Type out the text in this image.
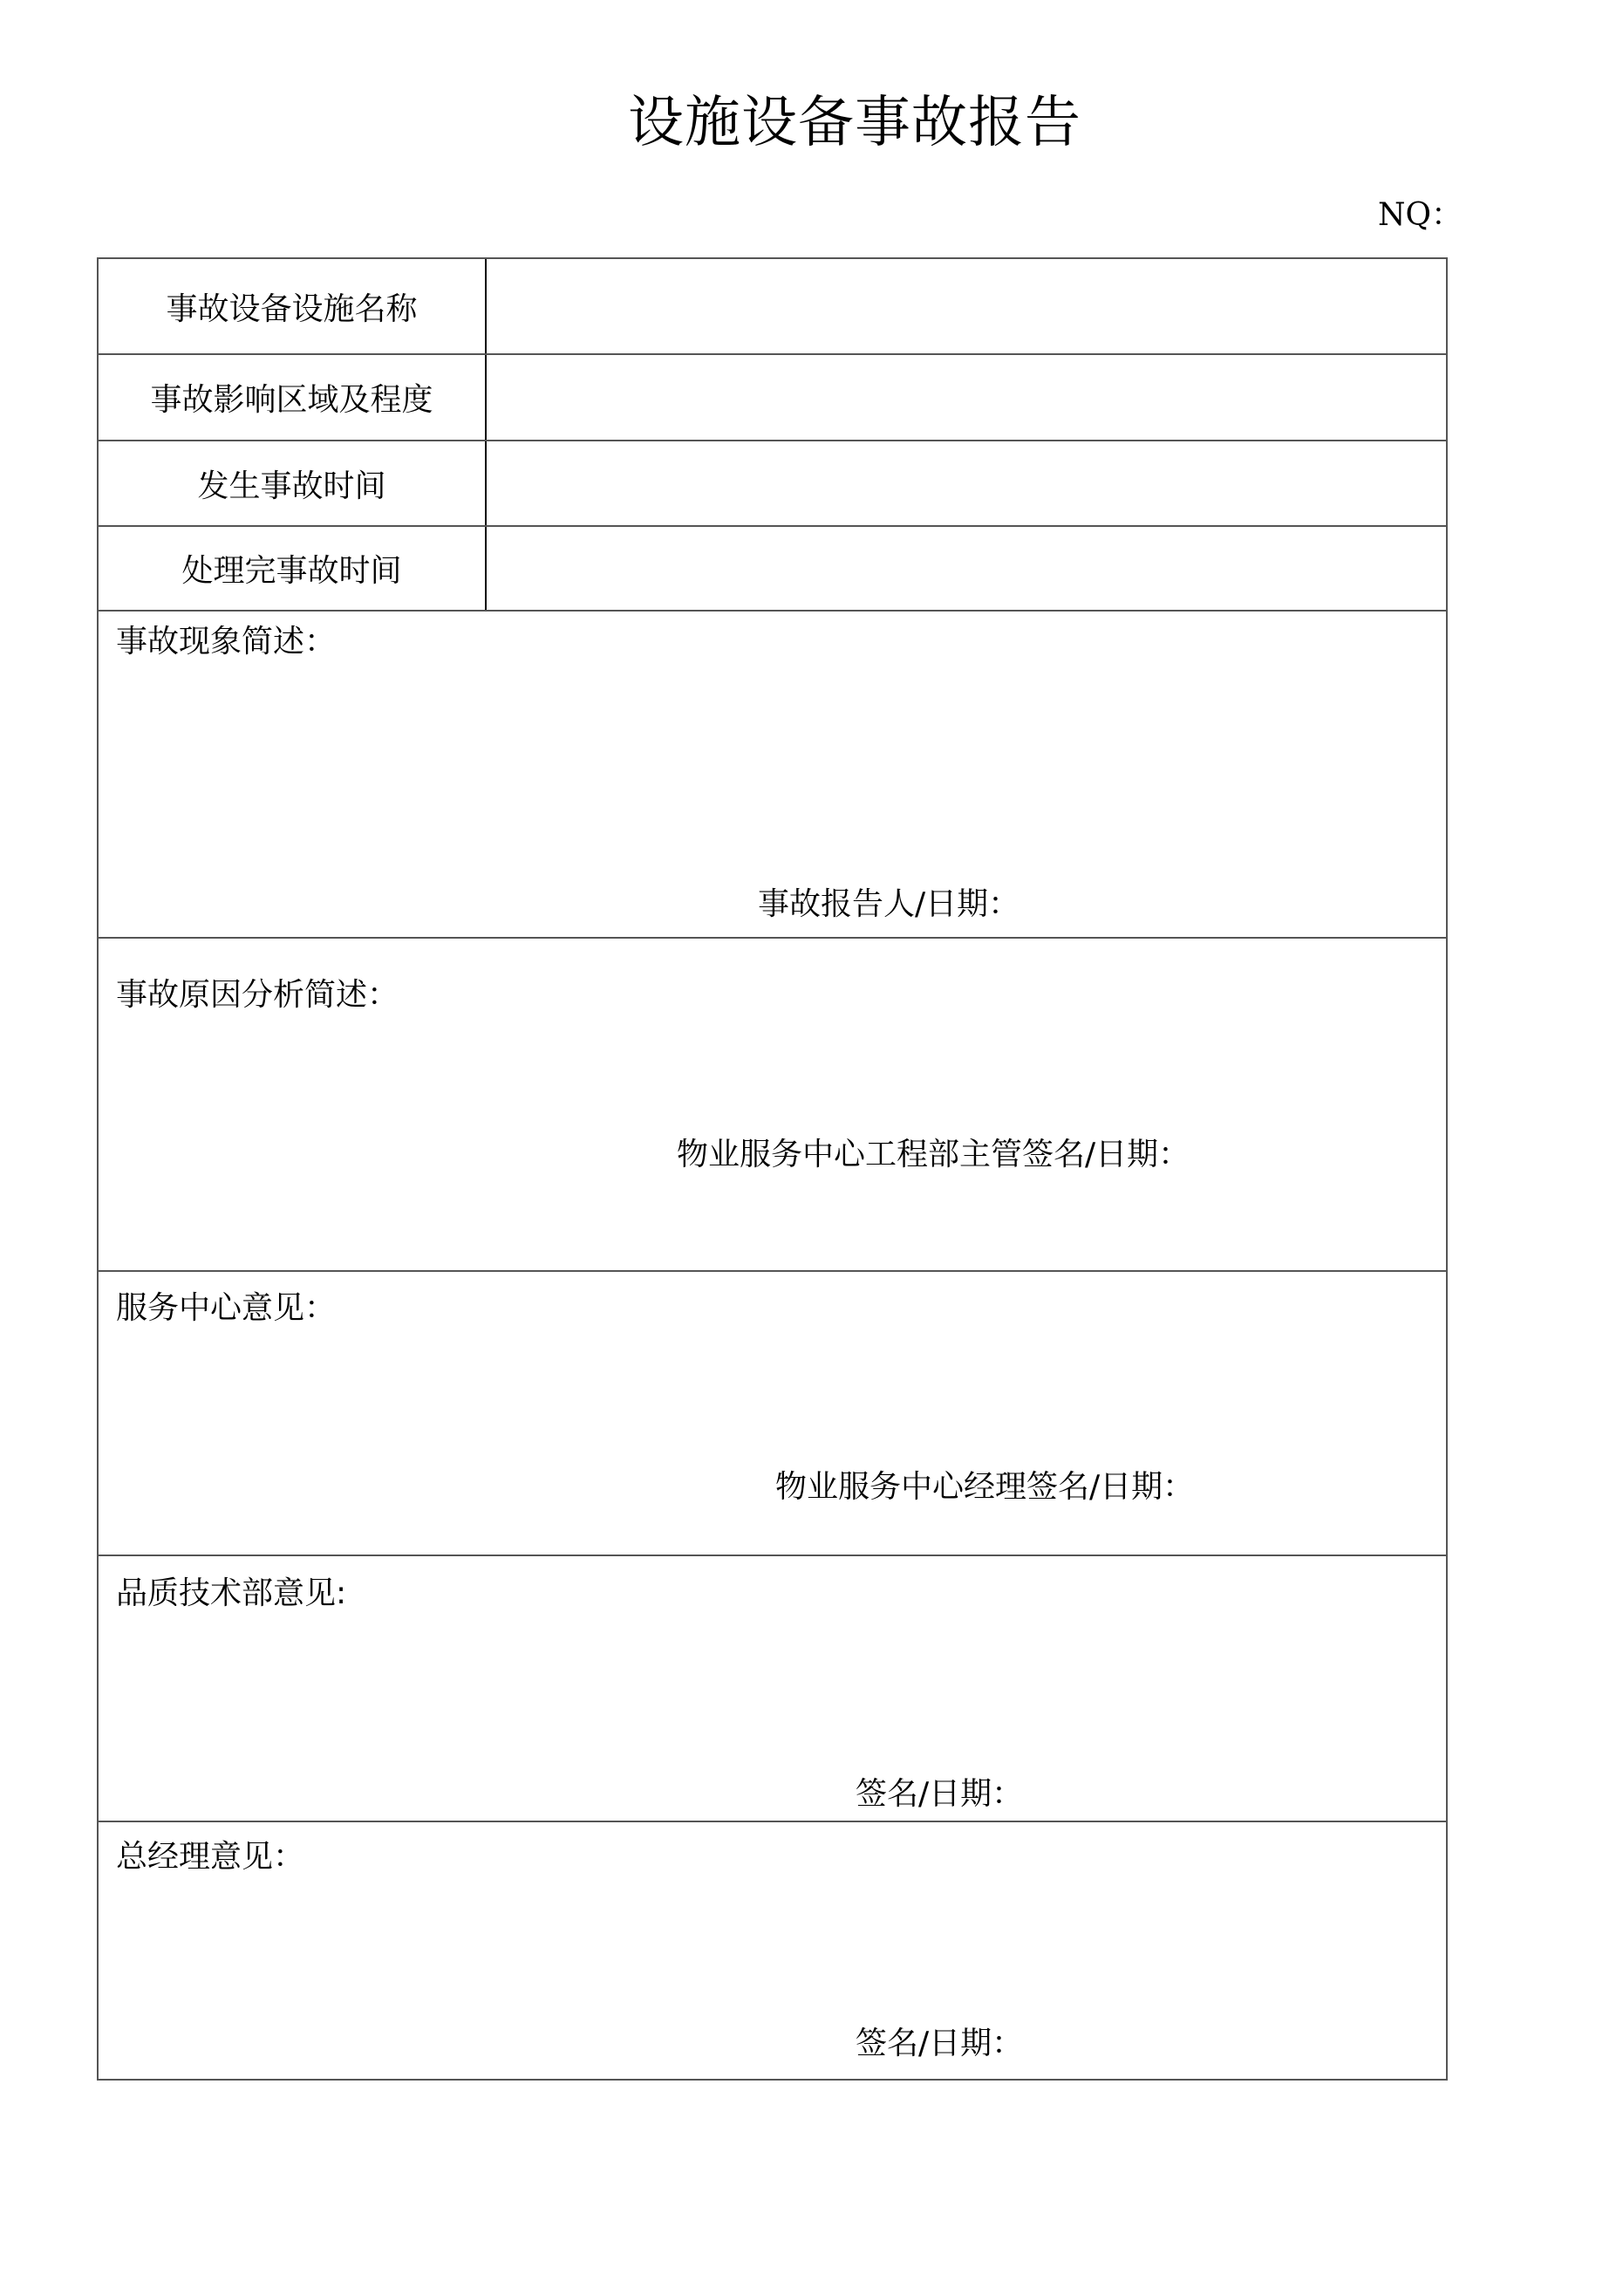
设施设备事故报告
NQ：
事故设备设施名称
事故影响区域及程度
发生事故时间
处理完事故时间
事故现象简述：
事故报告人/日期：
事故原因分析简述：
物业服务中心工程部主管签名/日期：
服务中心意见：
物业服务中心经理签名/日期：
品质技术部意见:
签名/日期：
总经理意见：
签名/日期：
